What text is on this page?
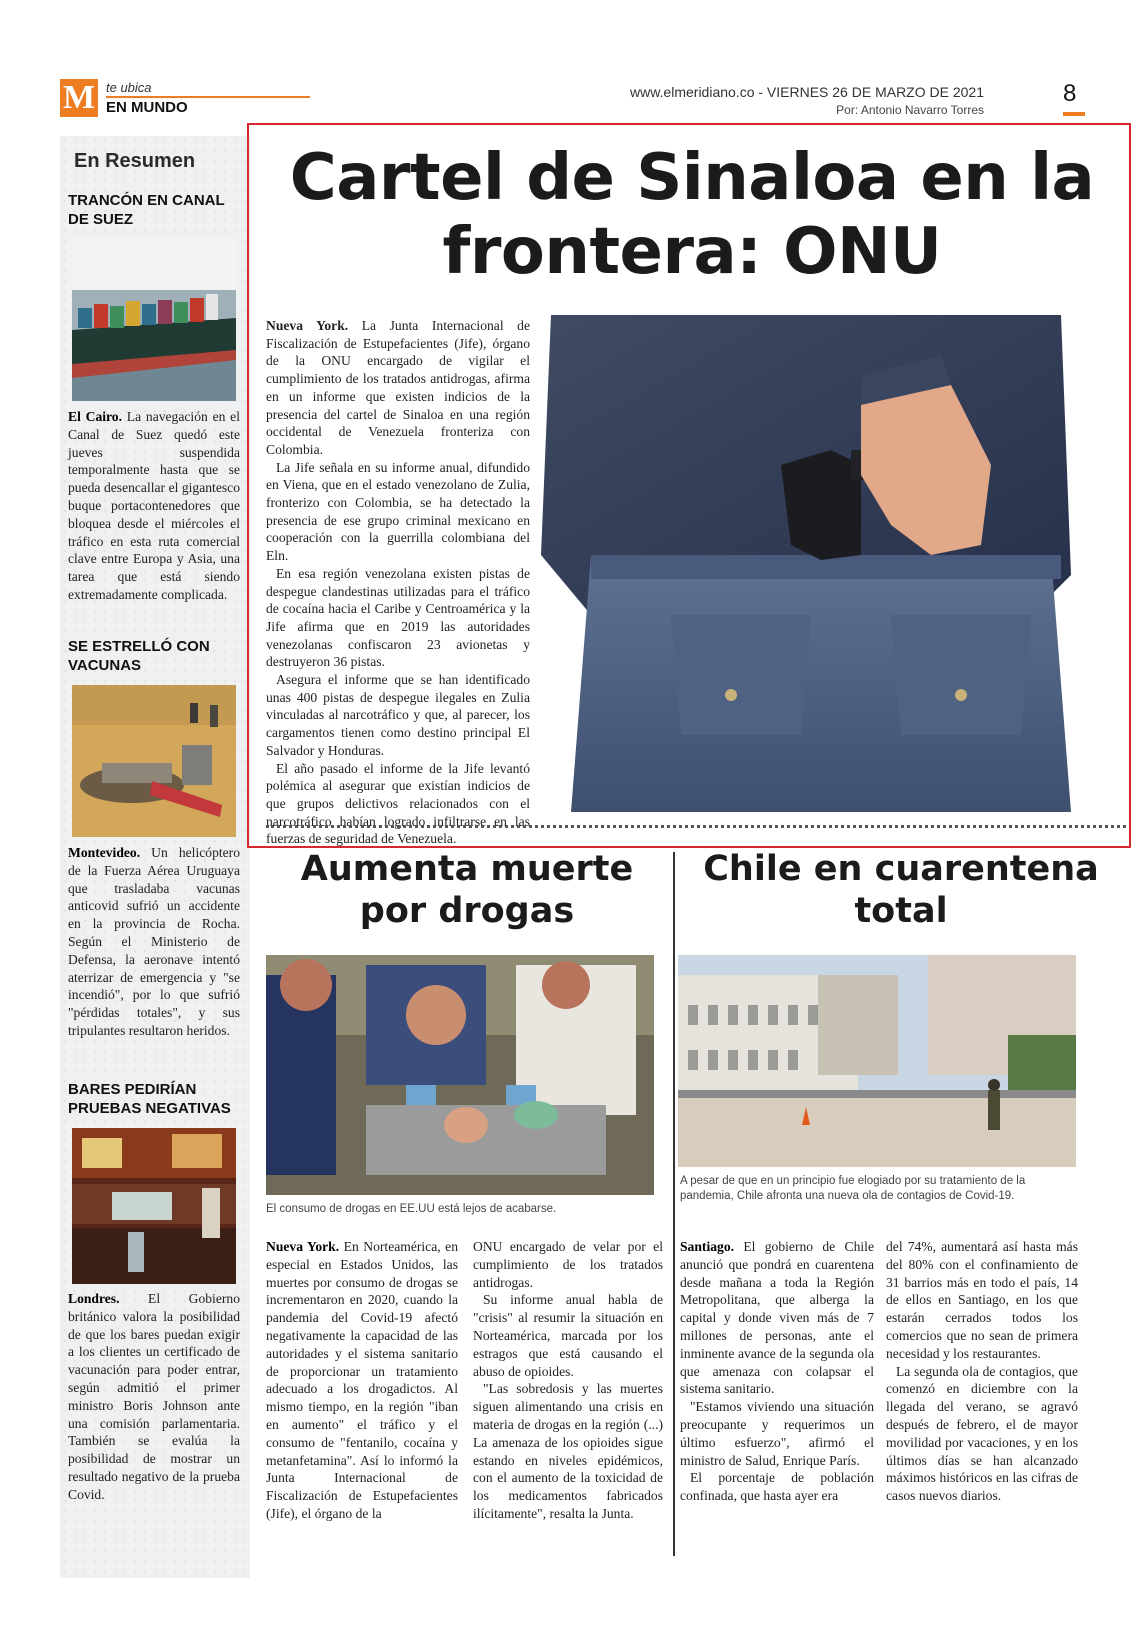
M te ubica
EN MUNDO
www.elmeridiano.co - VIERNES 26 DE MARZO DE 2021
Por: Antonio Navarro Torres
8
En Resumen
TRANCÓN EN CANAL DE SUEZ
El Cairo. La navegación en el Canal de Suez quedó este jueves suspendida temporalmente hasta que se pueda desencallar el gigantesco buque portacontenedores que bloquea desde el miércoles el tráfico en esta ruta comercial clave entre Europa y Asia, una tarea que está siendo extremadamente complicada.
SE ESTRELLÓ CON VACUNAS
Montevideo. Un helicóptero de la Fuerza Aérea Uruguaya que trasladaba vacunas anticovid sufrió un accidente en la provincia de Rocha. Según el Ministerio de Defensa, la aeronave intentó aterrizar de emergencia y "se incendió", por lo que sufrió "pérdidas totales", y sus tripulantes resultaron heridos.
BARES PEDIRÍAN PRUEBAS NEGATIVAS
Londres. El Gobierno británico valora la posibilidad de que los bares puedan exigir a los clientes un certificado de vacunación para poder entrar, según admitió el primer ministro Boris Johnson ante una comisión parlamentaria. También se evalúa la posibilidad de mostrar un resultado negativo de la prueba Covid.
Cartel de Sinaloa en la frontera: ONU

Nueva York. La Junta Internacional de Fiscalización de Estupefacientes (Jife), órgano de la ONU encargado de vigilar el cumplimiento de los tratados antidrogas, afirma en un informe que existen indicios de la presencia del cartel de Sinaloa en una región occidental de Venezuela fronteriza con Colombia.

La Jife señala en su informe anual, difundido en Viena, que en el estado venezolano de Zulia, fronterizo con Colombia, se ha detectado la presencia de ese grupo criminal mexicano en cooperación con la guerrilla colombiana del Eln.

En esa región venezolana existen pistas de despegue clandestinas utilizadas para el tráfico de cocaína hacia el Caribe y Centroamérica y la Jife afirma que en 2019 las autoridades venezolanas confiscaron 23 avionetas y destruyeron 36 pistas.

Asegura el informe que se han identificado unas 400 pistas de despegue ilegales en Zulia vinculadas al narcotráfico y que, al parecer, los cargamentos tienen como destino principal El Salvador y Honduras.

El año pasado el informe de la Jife levantó polémica al asegurar que existían indicios de que grupos delictivos relacionados con el narcotráfico habían logrado infiltrarse en las fuerzas de seguridad de Venezuela.

Aumenta muerte por drogas
El consumo de drogas en EE.UU está lejos de acabarse.

Nueva York. En Norteamérica, en especial en Estados Unidos, las muertes por consumo de drogas se incrementaron en 2020, cuando la pandemia del Covid-19 afectó negativamente la capacidad de las autoridades y el sistema sanitario de proporcionar un tratamiento adecuado a los drogadictos. Al mismo tiempo, en la región "iban en aumento" el tráfico y el consumo de "fentanilo, cocaína y metanfetamina". Así lo informó la Junta Internacional de Fiscalización de Estupefacientes (Jife), el órgano de la

ONU encargado de velar por el cumplimiento de los tratados antidrogas.

Su informe anual habla de "crisis" al resumir la situación en Norteamérica, marcada por los estragos que está causando el abuso de opioides.

"Las sobredosis y las muertes siguen alimentando una crisis en materia de drogas en la región (...) La amenaza de los opioides sigue estando en niveles epidémicos, con el aumento de la toxicidad de los medicamentos fabricados ilícitamente", resalta la Junta.

Chile en cuarentena total
A pesar de que en un principio fue elogiado por su tratamiento de la pandemia, Chile afronta una nueva ola de contagios de Covid-19.

Santiago. El gobierno de Chile anunció que pondrá en cuarentena desde mañana a toda la Región Metropolitana, que alberga la capital y donde viven más de 7 millones de personas, ante el inminente avance de la segunda ola que amenaza con colapsar el sistema sanitario.

"Estamos viviendo una situación preocupante y requerimos un último esfuerzo", afirmó el ministro de Salud, Enrique París.

El porcentaje de población confinada, que hasta ayer era

del 74%, aumentará así hasta más del 80% con el confinamiento de 31 barrios más en todo el país, 14 de ellos en Santiago, en los que estarán cerrados todos los comercios que no sean de primera necesidad y los restaurantes.

La segunda ola de contagios, que comenzó en diciembre con la llegada del verano, se agravó después de febrero, el de mayor movilidad por vacaciones, y en los últimos días se han alcanzado máximos históricos en las cifras de casos nuevos diarios.
